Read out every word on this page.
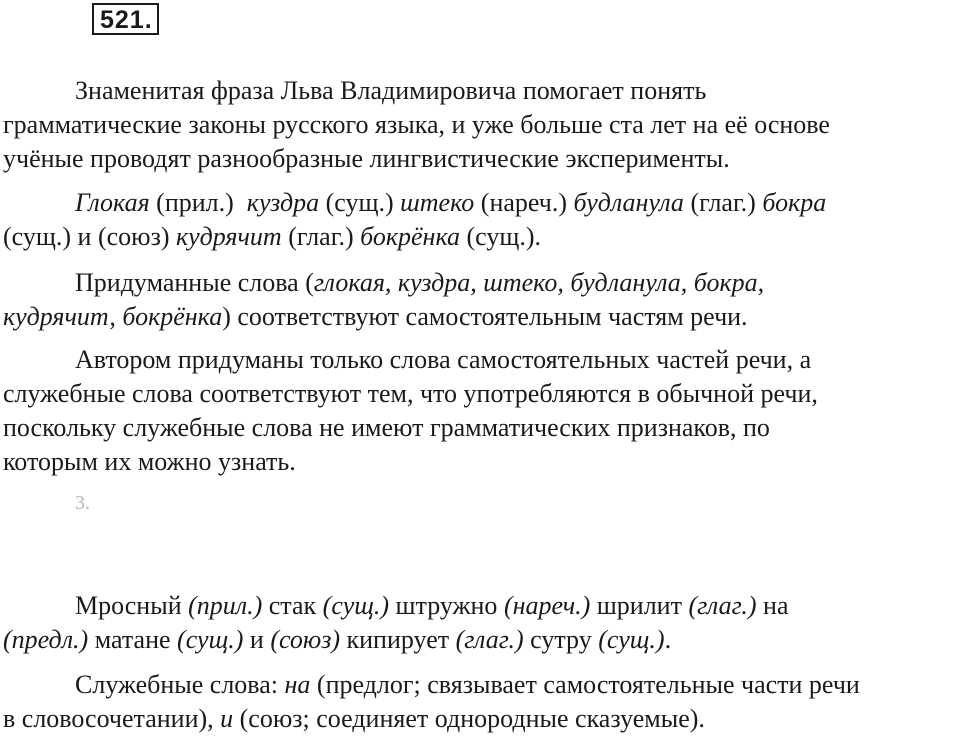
521.

Знаменитая фраза Льва Владимировича помогает понять
грамматические законы русского языка, и уже больше ста лет на её основе
учёные проводят разнообразные лингвистические эксперименты.

Глокая (прил.)  куздра (сущ.) штеко (нареч.) будланула (глаг.) бокра
(сущ.) и (союз) кудрячит (глаг.) бокрёнка (сущ.).

Придуманные слова (глокая, куздра, штеко, будланула, бокра,
кудрячит, бокрёнка) соответствуют самостоятельным частям речи.

Автором придуманы только слова самостоятельных частей речи, а
служебные слова соответствуют тем, что употребляются в обычной речи,
поскольку служебные слова не имеют грамматических признаков, по
которым их можно узнать.

3.

Мросный (прил.) стак (сущ.) штружно (нареч.) шрилит (глаг.) на
(предл.) матане (сущ.) и (союз) кипирует (глаг.) сутру (сущ.).

Служебные слова: на (предлог; связывает самостоятельные части речи
в словосочетании), и (союз; соединяет однородные сказуемые).
